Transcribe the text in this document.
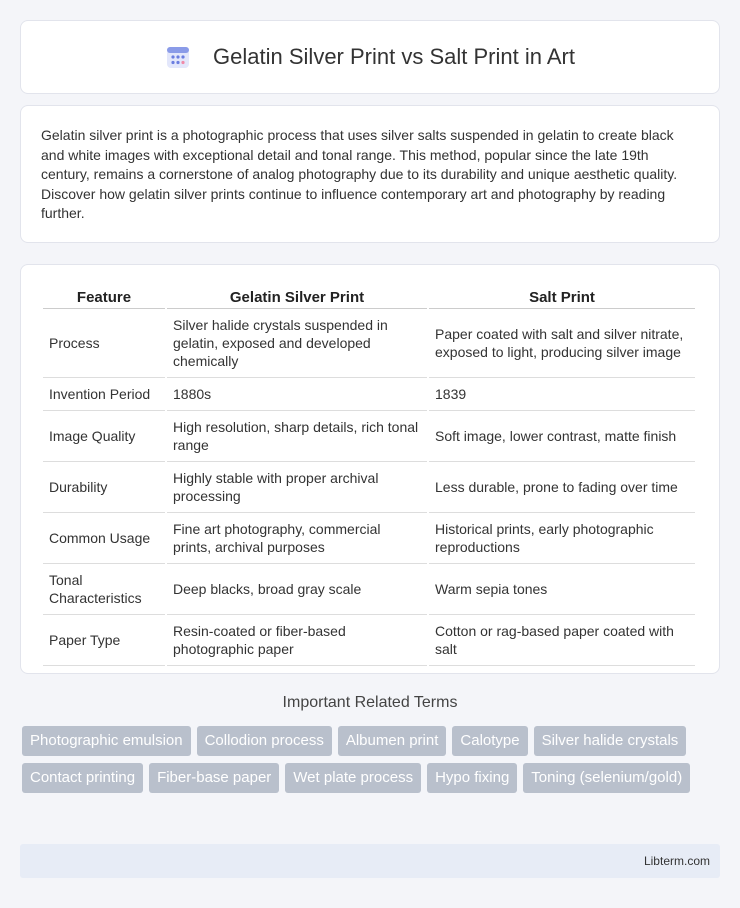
Gelatin Silver Print vs Salt Print in Art

Gelatin silver print is a photographic process that uses silver salts suspended in gelatin to create black and white images with exceptional detail and tonal range. This method, popular since the late 19th century, remains a cornerstone of analog photography due to its durability and unique aesthetic quality. Discover how gelatin silver prints continue to influence contemporary art and photography by reading further.

Feature	Gelatin Silver Print	Salt Print
Process	Silver halide crystals suspended in gelatin, exposed and developed chemically	Paper coated with salt and silver nitrate, exposed to light, producing silver image
Invention Period	1880s	1839
Image Quality	High resolution, sharp details, rich tonal range	Soft image, lower contrast, matte finish
Durability	Highly stable with proper archival processing	Less durable, prone to fading over time
Common Usage	Fine art photography, commercial prints, archival purposes	Historical prints, early photographic reproductions
Tonal Characteristics	Deep blacks, broad gray scale	Warm sepia tones
Paper Type	Resin-coated or fiber-based photographic paper	Cotton or rag-based paper coated with salt
Important Related Terms
Photographic emulsion	Collodion process	Albumen print	Calotype	Silver halide crystals
Contact printing	Fiber-base paper	Wet plate process	Hypo fixing	Toning (selenium/gold)
Libterm.com
